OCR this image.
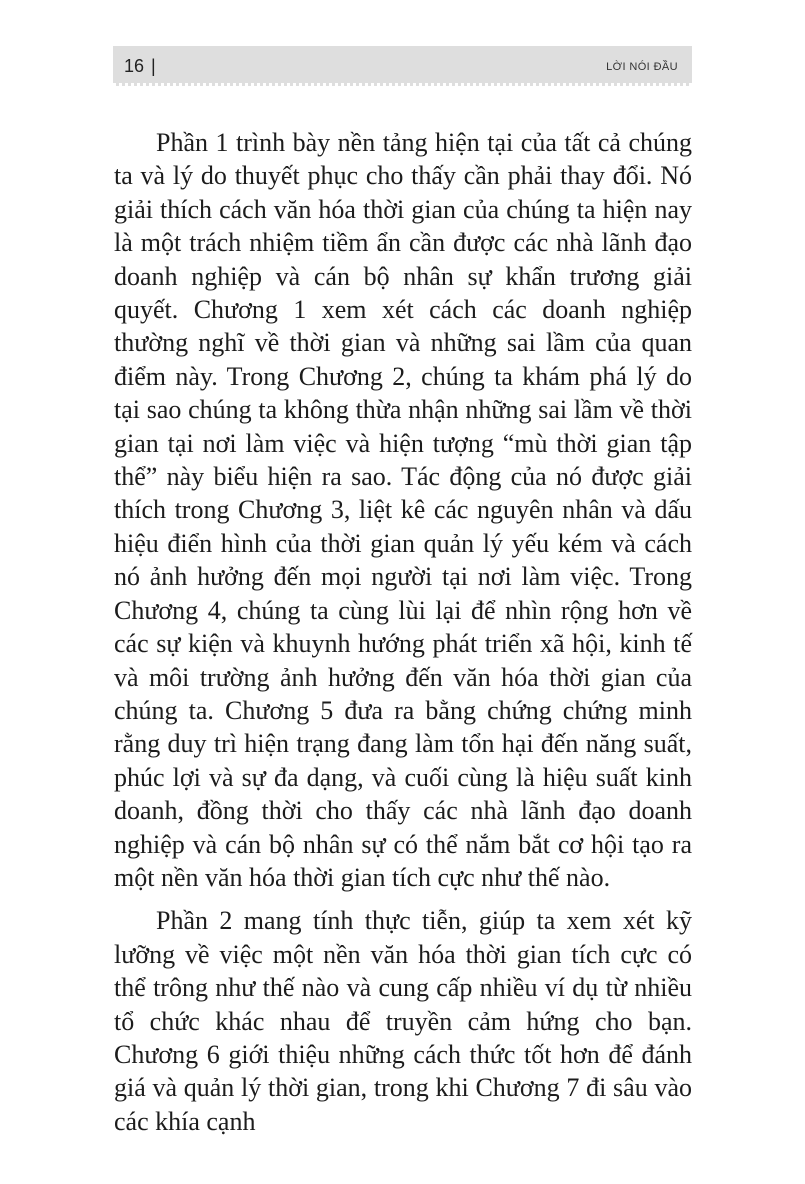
16 |	LỜI NÓI ĐẦU

Phần 1 trình bày nền tảng hiện tại của tất cả chúng ta và lý do thuyết phục cho thấy cần phải thay đổi. Nó giải thích cách văn hóa thời gian của chúng ta hiện nay là một trách nhiệm tiềm ẩn cần được các nhà lãnh đạo doanh nghiệp và cán bộ nhân sự khẩn trương giải quyết. Chương 1 xem xét cách các doanh nghiệp thường nghĩ về thời gian và những sai lầm của quan điểm này. Trong Chương 2, chúng ta khám phá lý do tại sao chúng ta không thừa nhận những sai lầm về thời gian tại nơi làm việc và hiện tượng “mù thời gian tập thể” này biểu hiện ra sao. Tác động của nó được giải thích trong Chương 3, liệt kê các nguyên nhân và dấu hiệu điển hình của thời gian quản lý yếu kém và cách nó ảnh hưởng đến mọi người tại nơi làm việc. Trong Chương 4, chúng ta cùng lùi lại để nhìn rộng hơn về các sự kiện và khuynh hướng phát triển xã hội, kinh tế và môi trường ảnh hưởng đến văn hóa thời gian của chúng ta. Chương 5 đưa ra bằng chứng chứng minh rằng duy trì hiện trạng đang làm tổn hại đến năng suất, phúc lợi và sự đa dạng, và cuối cùng là hiệu suất kinh doanh, đồng thời cho thấy các nhà lãnh đạo doanh nghiệp và cán bộ nhân sự có thể nắm bắt cơ hội tạo ra một nền văn hóa thời gian tích cực như thế nào.

Phần 2 mang tính thực tiễn, giúp ta xem xét kỹ lưỡng về việc một nền văn hóa thời gian tích cực có thể trông như thế nào và cung cấp nhiều ví dụ từ nhiều tổ chức khác nhau để truyền cảm hứng cho bạn. Chương 6 giới thiệu những cách thức tốt hơn để đánh giá và quản lý thời gian, trong khi Chương 7 đi sâu vào các khía cạnh
